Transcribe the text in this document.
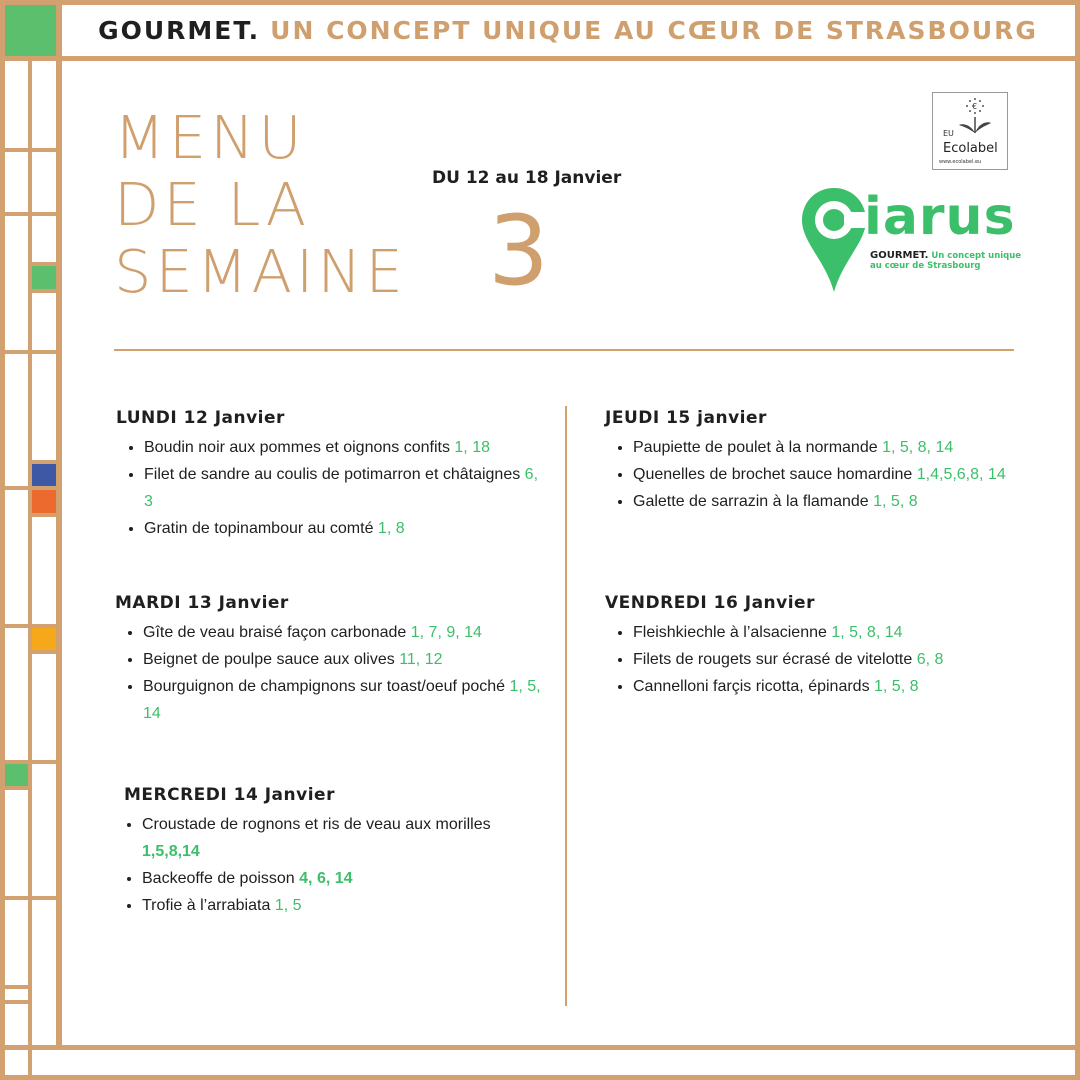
GOURMET. UN CONCEPT UNIQUE AU CŒUR DE STRASBOURG
MENU
DE LA
SEMAINE
DU 12 au 18 Janvier
3
€
EU
Ecolabel
www.ecolabel.eu
iarus
GOURMET. Un concept unique
au cœur de Strasbourg
LUNDI 12 Janvier
• Boudin noir aux pommes et oignons confits 1, 18
• Filet de sandre au coulis de potimarron et châtaignes 6, 3
• Gratin de topinambour au comté 1, 8
MARDI 13 Janvier
• Gîte de veau braisé façon carbonade 1, 7, 9, 14
• Beignet de poulpe sauce aux olives 11, 12
• Bourguignon de champignons sur toast/oeuf poché 1, 5, 14
MERCREDI 14 Janvier
• Croustade de rognons et ris de veau aux morilles 1,5,8,14
• Backeoffe de poisson 4, 6, 14
• Trofie à l’arrabiata 1, 5
JEUDI 15 janvier
• Paupiette de poulet à la normande 1, 5, 8, 14
• Quenelles de brochet sauce homardine 1,4,5,6,8, 14
• Galette de sarrazin à la flamande 1, 5, 8
VENDREDI 16 Janvier
• Fleishkiechle à l’alsacienne 1, 5, 8, 14
• Filets de rougets sur écrasé de vitelotte 6, 8
• Cannelloni farçis ricotta, épinards 1, 5, 8
